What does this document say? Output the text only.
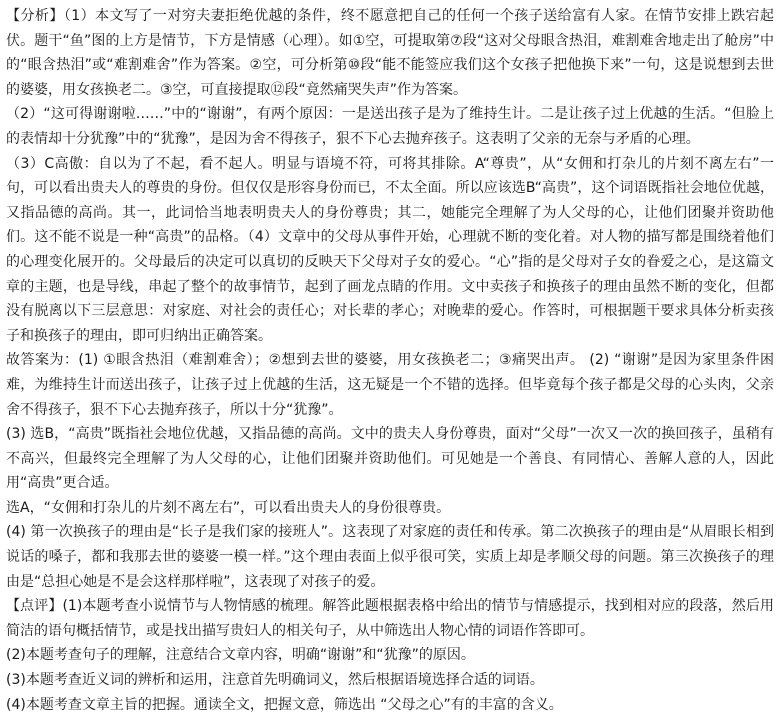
【分析】（1）本文写了一对穷夫妻拒绝优越的条件，终不愿意把自己的任何一个孩子送给富有人家。在情节安排上跌宕起伏。题干“鱼”图的上方是情节，下方是情感（心理）。如①空，可提取第⑦段“这对父母眼含热泪，难割难舍地走出了舱房”中的“眼含热泪”或“难割难舍”作为答案。②空，可分析第⑩段“能不能签应我们这个女孩子把他换下来”一句，这是说想到去世的婆婆，用女孩换老二。③空，可直接提取⑫段“竟然痛哭失声”作为答案。

（2）“这可得谢谢啦……”中的“谢谢”，有两个原因：一是送出孩子是为了维持生计。二是让孩子过上优越的生活。“但脸上的表情却十分犹豫”中的“犹豫”，是因为舍不得孩子，狠不下心去抛弃孩子。这表明了父亲的无奈与矛盾的心理。

（3）C高傲：自以为了不起，看不起人。明显与语境不符，可将其排除。A“尊贵”，从“女佣和打杂儿的片刻不离左右”一句，可以看出贵夫人的尊贵的身份。但仅仅是形容身份而已，不太全面。所以应该选B“高贵”，这个词语既指社会地位优越，又指品德的高尚。其一，此词恰当地表明贵夫人的身份尊贵；其二，她能完全理解了为人父母的心，让他们团聚并资助他们。这不能不说是一种“高贵”的品格。（4）文章中的父母从事件开始，心理就不断的变化着。对人物的描写都是围绕着他们的心理变化展开的。父母最后的决定可以真切的反映天下父母对子女的爱心。“心”指的是父母对子女的眷爱之心，是这篇文章的主题，也是导线，串起了整个的故事情节，起到了画龙点睛的作用。文中卖孩子和换孩子的理由虽然不断的变化，但都没有脱离以下三层意思：对家庭、对社会的责任心；对长辈的孝心；对晚辈的爱心。作答时，可根据题干要求具体分析卖孩子和换孩子的理由，即可归纳出正确答案。

故答案为：(1) ①眼含热泪（难割难舍）；②想到去世的婆婆，用女孩换老二；③痛哭出声。 (2) “谢谢”是因为家里条件困难，为维持生计而送出孩子，让孩子过上优越的生活，这无疑是一个不错的选择。但毕竟每个孩子都是父母的心头肉，父亲舍不得孩子，狠不下心去抛弃孩子，所以十分“犹豫”。

(3) 选B，“高贵”既指社会地位优越，又指品德的高尚。文中的贵夫人身份尊贵，面对“父母”一次又一次的换回孩子，虽稍有不高兴，但最终完全理解了为人父母的心，让他们团聚并资助他们。可见她是一个善良、有同情心、善解人意的人，因此用“高贵”更合适。

选A，“女佣和打杂儿的片刻不离左右”，可以看出贵夫人的身份很尊贵。

(4) 第一次换孩子的理由是“长子是我们家的接班人”。这表现了对家庭的责任和传承。第二次换孩子的理由是“从眉眼长相到说话的嗓子，都和我那去世的婆婆一模一样。”这个理由表面上似乎很可笑，实质上却是孝顺父母的问题。第三次换孩子的理由是“总担心她是不是会这样那样啦”，这表现了对孩子的爱。

【点评】(1)本题考查小说情节与人物情感的梳理。解答此题根据表格中给出的情节与情感提示，找到相对应的段落，然后用简洁的语句概括情节，或是找出描写贵妇人的相关句子，从中筛选出人物心情的词语作答即可。

(2)本题考查句子的理解，注意结合文章内容，明确“谢谢”和“犹豫”的原因。

(3)本题考查近义词的辨析和运用，注意首先明确词义，然后根据语境选择合适的词语。

(4)本题考查文章主旨的把握。通读全文，把握文意，筛选出 “父母之心”有的丰富的含义。
